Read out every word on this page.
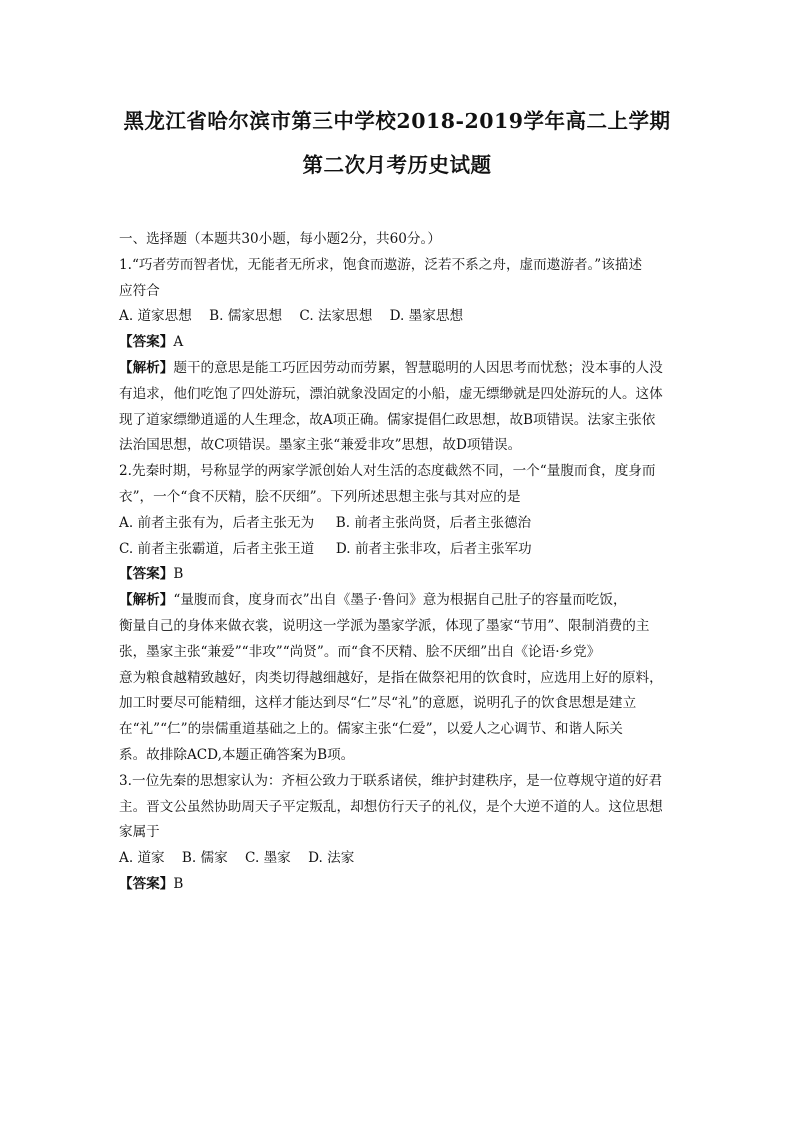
黑龙江省哈尔滨市第三中学校2018-2019学年高二上学期
第二次月考历史试题

一、选择题（本题共30小题，每小题2分，共60分。）

1.“巧者劳而智者忧，无能者无所求，饱食而遨游，泛若不系之舟，虚而遨游者。”该描述

应符合

A. 道家思想    B. 儒家思想    C. 法家思想    D. 墨家思想

【答案】A

【解析】题干的意思是能工巧匠因劳动而劳累，智慧聪明的人因思考而忧愁；没本事的人没

有追求，他们吃饱了四处游玩，漂泊就象没固定的小船，虚无缥缈就是四处游玩的人。这体

现了道家缥缈逍遥的人生理念，故A项正确。儒家提倡仁政思想，故B项错误。法家主张依

法治国思想，故C项错误。墨家主张“兼爱非攻”思想，故D项错误。

2.先秦时期，号称显学的两家学派创始人对生活的态度截然不同，一个“量腹而食，度身而

衣”，一个“食不厌精，脍不厌细”。下列所述思想主张与其对应的是

A. 前者主张有为，后者主张无为     B. 前者主张尚贤，后者主张德治

C. 前者主张霸道，后者主张王道     D. 前者主张非攻，后者主张军功

【答案】B

【解析】“量腹而食，度身而衣”出自《墨子·鲁问》意为根据自己肚子的容量而吃饭，

衡量自己的身体来做衣裳，说明这一学派为墨家学派，体现了墨家“节用”、限制消费的主

张，墨家主张“兼爱”“非攻”“尚贤”。而“食不厌精、脍不厌细”出自《论语·乡党》

意为粮食越精致越好，肉类切得越细越好，是指在做祭祀用的饮食时，应选用上好的原料，

加工时要尽可能精细，这样才能达到尽“仁”尽“礼”的意愿，说明孔子的饮食思想是建立

在“礼”“仁”的崇儒重道基础之上的。儒家主张“仁爱”，以爱人之心调节、和谐人际关

系。故排除ACD,本题正确答案为B项。

3.一位先秦的思想家认为：齐桓公致力于联系诸侯，维护封建秩序，是一位尊规守道的好君

主。晋文公虽然协助周天子平定叛乱，却想仿行天子的礼仪，是个大逆不道的人。这位思想

家属于

A. 道家    B. 儒家    C. 墨家    D. 法家

【答案】B
